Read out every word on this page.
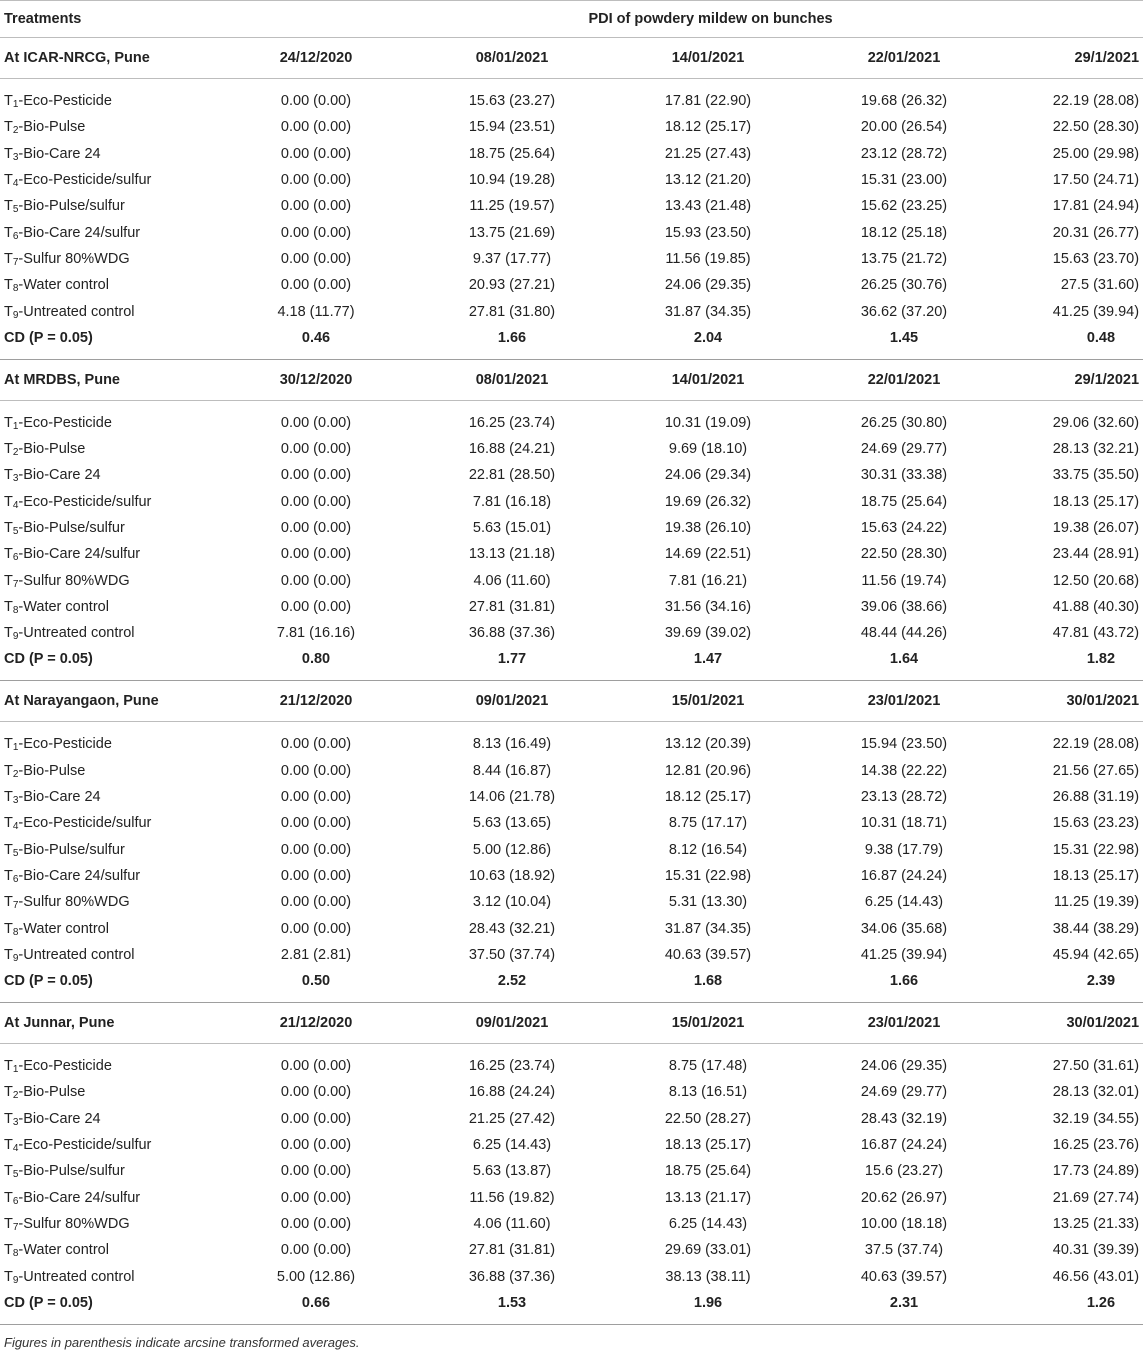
Treatments	PDI of powdery mildew on bunches				
At ICAR-NRCG, Pune	24/12/2020	08/01/2021	14/01/2021	22/01/2021	29/1/2021

$T_1-Eco$-Pesticide	0.00 (0.00)	15.63 (23.27)	17.81 (22.90)	19.68 (26.32)	22.19 (28.08)
$T_2-Bio$-Pulse	0.00 (0.00)	15.94 (23.51)	18.12 (25.17)	20.00 (26.54)	22.50 (28.30)
$T_3-Bio$-Care 24	0.00 (0.00)	18.75 (25.64)	21.25 (27.43)	23.12 (28.72)	25.00 (29.98)
$T_4-Eco-Pesticide$/sulfur	0.00 (0.00)	10.94 (19.28)	13.12 (21.20)	15.31 (23.00)	17.50 (24.71)
$T_5-Bio-Pulse$/sulfur	0.00 (0.00)	11.25 (19.57)	13.43 (21.48)	15.62 (23.25)	17.81 (24.94)
$T_6-Bio$-Care 24/sulfur	0.00 (0.00)	13.75 (21.69)	15.93 (23.50)	18.12 (25.18)	20.31 (26.77)
$T_7$-Sulfur 80%WDG	0.00 (0.00)	9.37 (17.77)	11.56 (19.85)	13.75 (21.72)	15.63 (23.70)
$T_8$-Water control	0.00 (0.00)	20.93 (27.21)	24.06 (29.35)	26.25 (30.76)	27.5 (31.60)
$T_9$-Untreated control	4.18 (11.77)	27.81 (31.80)	31.87 (34.35)	36.62 (37.20)	41.25 (39.94)
CD (P = 0.05)	0.46	1.66	2.04	1.45	0.48

At MRDBS, Pune	30/12/2020	08/01/2021	14/01/2021	22/01/2021	29/1/2021

$T_1-Eco$-Pesticide	0.00 (0.00)	16.25 (23.74)	10.31 (19.09)	26.25 (30.80)	29.06 (32.60)
$T_2-Bio$-Pulse	0.00 (0.00)	16.88 (24.21)	9.69 (18.10)	24.69 (29.77)	28.13 (32.21)
$T_3-Bio$-Care 24	0.00 (0.00)	22.81 (28.50)	24.06 (29.34)	30.31 (33.38)	33.75 (35.50)
$T_4-Eco-Pesticide$/sulfur	0.00 (0.00)	7.81 (16.18)	19.69 (26.32)	18.75 (25.64)	18.13 (25.17)
$T_5-Bio-Pulse$/sulfur	0.00 (0.00)	5.63 (15.01)	19.38 (26.10)	15.63 (24.22)	19.38 (26.07)
$T_6-Bio$-Care 24/sulfur	0.00 (0.00)	13.13 (21.18)	14.69 (22.51)	22.50 (28.30)	23.44 (28.91)
$T_7$-Sulfur 80%WDG	0.00 (0.00)	4.06 (11.60)	7.81 (16.21)	11.56 (19.74)	12.50 (20.68)
$T_8$-Water control	0.00 (0.00)	27.81 (31.81)	31.56 (34.16)	39.06 (38.66)	41.88 (40.30)
$T_9$-Untreated control	7.81 (16.16)	36.88 (37.36)	39.69 (39.02)	48.44 (44.26)	47.81 (43.72)
CD (P = 0.05)	0.80	1.77	1.47	1.64	1.82

At Narayangaon, Pune	21/12/2020	09/01/2021	15/01/2021	23/01/2021	30/01/2021

$T_1-Eco$-Pesticide	0.00 (0.00)	8.13 (16.49)	13.12 (20.39)	15.94 (23.50)	22.19 (28.08)
$T_2-Bio$-Pulse	0.00 (0.00)	8.44 (16.87)	12.81 (20.96)	14.38 (22.22)	21.56 (27.65)
$T_3-Bio$-Care 24	0.00 (0.00)	14.06 (21.78)	18.12 (25.17)	23.13 (28.72)	26.88 (31.19)
$T_4-Eco-Pesticide$/sulfur	0.00 (0.00)	5.63 (13.65)	8.75 (17.17)	10.31 (18.71)	15.63 (23.23)
$T_5-Bio-Pulse$/sulfur	0.00 (0.00)	5.00 (12.86)	8.12 (16.54)	9.38 (17.79)	15.31 (22.98)
$T_6-Bio$-Care 24/sulfur	0.00 (0.00)	10.63 (18.92)	15.31 (22.98)	16.87 (24.24)	18.13 (25.17)
$T_7$-Sulfur 80%WDG	0.00 (0.00)	3.12 (10.04)	5.31 (13.30)	6.25 (14.43)	11.25 (19.39)
$T_8$-Water control	0.00 (0.00)	28.43 (32.21)	31.87 (34.35)	34.06 (35.68)	38.44 (38.29)
$T_9$-Untreated control	2.81 (2.81)	37.50 (37.74)	40.63 (39.57)	41.25 (39.94)	45.94 (42.65)
CD (P = 0.05)	0.50	2.52	1.68	1.66	2.39

At Junnar, Pune	21/12/2020	09/01/2021	15/01/2021	23/01/2021	30/01/2021

$T_1-Eco$-Pesticide	0.00 (0.00)	16.25 (23.74)	8.75 (17.48)	24.06 (29.35)	27.50 (31.61)
$T_2-Bio$-Pulse	0.00 (0.00)	16.88 (24.24)	8.13 (16.51)	24.69 (29.77)	28.13 (32.01)
$T_3-Bio$-Care 24	0.00 (0.00)	21.25 (27.42)	22.50 (28.27)	28.43 (32.19)	32.19 (34.55)
$T_4-Eco-Pesticide$/sulfur	0.00 (0.00)	6.25 (14.43)	18.13 (25.17)	16.87 (24.24)	16.25 (23.76)
$T_5-Bio-Pulse$/sulfur	0.00 (0.00)	5.63 (13.87)	18.75 (25.64)	15.6 (23.27)	17.73 (24.89)
$T_6-Bio$-Care 24/sulfur	0.00 (0.00)	11.56 (19.82)	13.13 (21.17)	20.62 (26.97)	21.69 (27.74)
$T_7$-Sulfur 80%WDG	0.00 (0.00)	4.06 (11.60)	6.25 (14.43)	10.00 (18.18)	13.25 (21.33)
$T_8$-Water control	0.00 (0.00)	27.81 (31.81)	29.69 (33.01)	37.5 (37.74)	40.31 (39.39)
$T_9$-Untreated control	5.00 (12.86)	36.88 (37.36)	38.13 (38.11)	40.63 (39.57)	46.56 (43.01)
CD (P = 0.05)	0.66	1.53	1.96	2.31	1.26

Figures in parenthesis indicate arcsine transformed averages.
